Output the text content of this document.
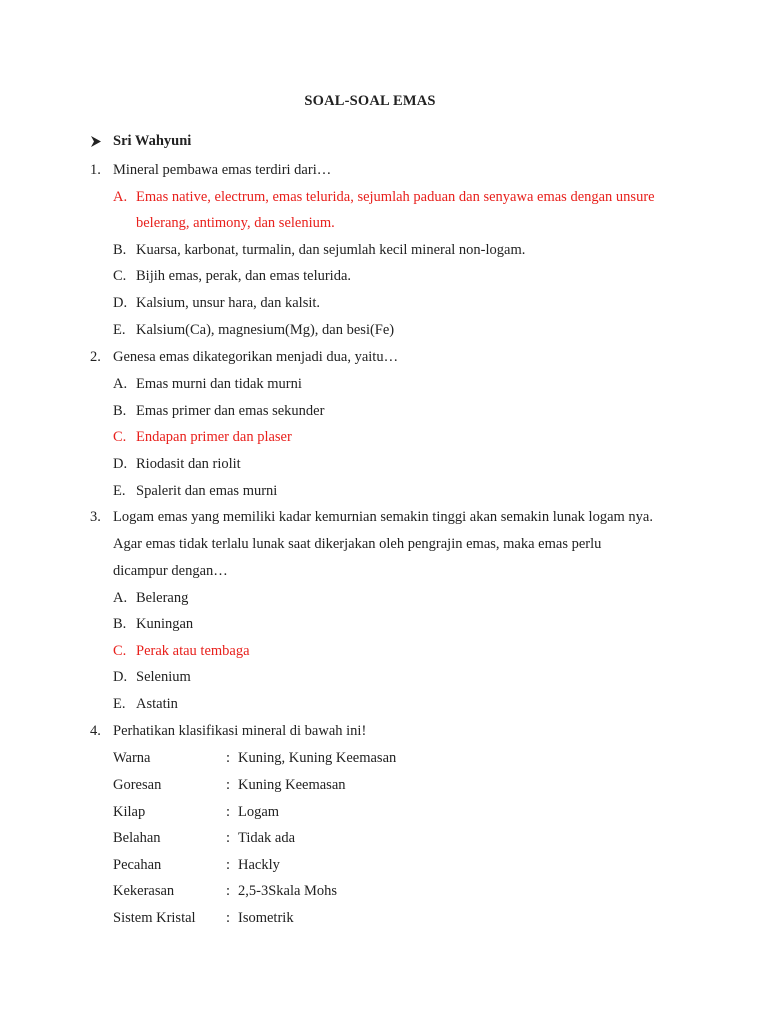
SOAL-SOAL EMAS
Sri Wahyuni
1. Mineral pembawa emas terdiri dari…
A. Emas native, electrum, emas telurida, sejumlah paduan dan senyawa emas dengan unsure
belerang, antimony, dan selenium.
B. Kuarsa, karbonat, turmalin, dan sejumlah kecil mineral non-logam.
C. Bijih emas, perak, dan emas telurida.
D. Kalsium, unsur hara, dan kalsit.
E. Kalsium(Ca), magnesium(Mg), dan besi(Fe)
2. Genesa emas dikategorikan menjadi dua, yaitu…
A. Emas murni dan tidak murni
B. Emas primer dan emas sekunder
C. Endapan primer dan plaser
D. Riodasit dan riolit
E. Spalerit dan emas murni
3. Logam emas yang memiliki kadar kemurnian semakin tinggi akan semakin lunak logam nya.
Agar emas tidak terlalu lunak saat dikerjakan oleh pengrajin emas, maka emas perlu
dicampur dengan…
A. Belerang
B. Kuningan
C. Perak atau tembaga
D. Selenium
E. Astatin
4. Perhatikan klasifikasi mineral di bawah ini!
Warna	: Kuning, Kuning Keemasan
Goresan	: Kuning Keemasan
Kilap	: Logam
Belahan	: Tidak ada
Pecahan	: Hackly
Kekerasan	: 2,5-3Skala Mohs
Sistem Kristal : Isometrik
